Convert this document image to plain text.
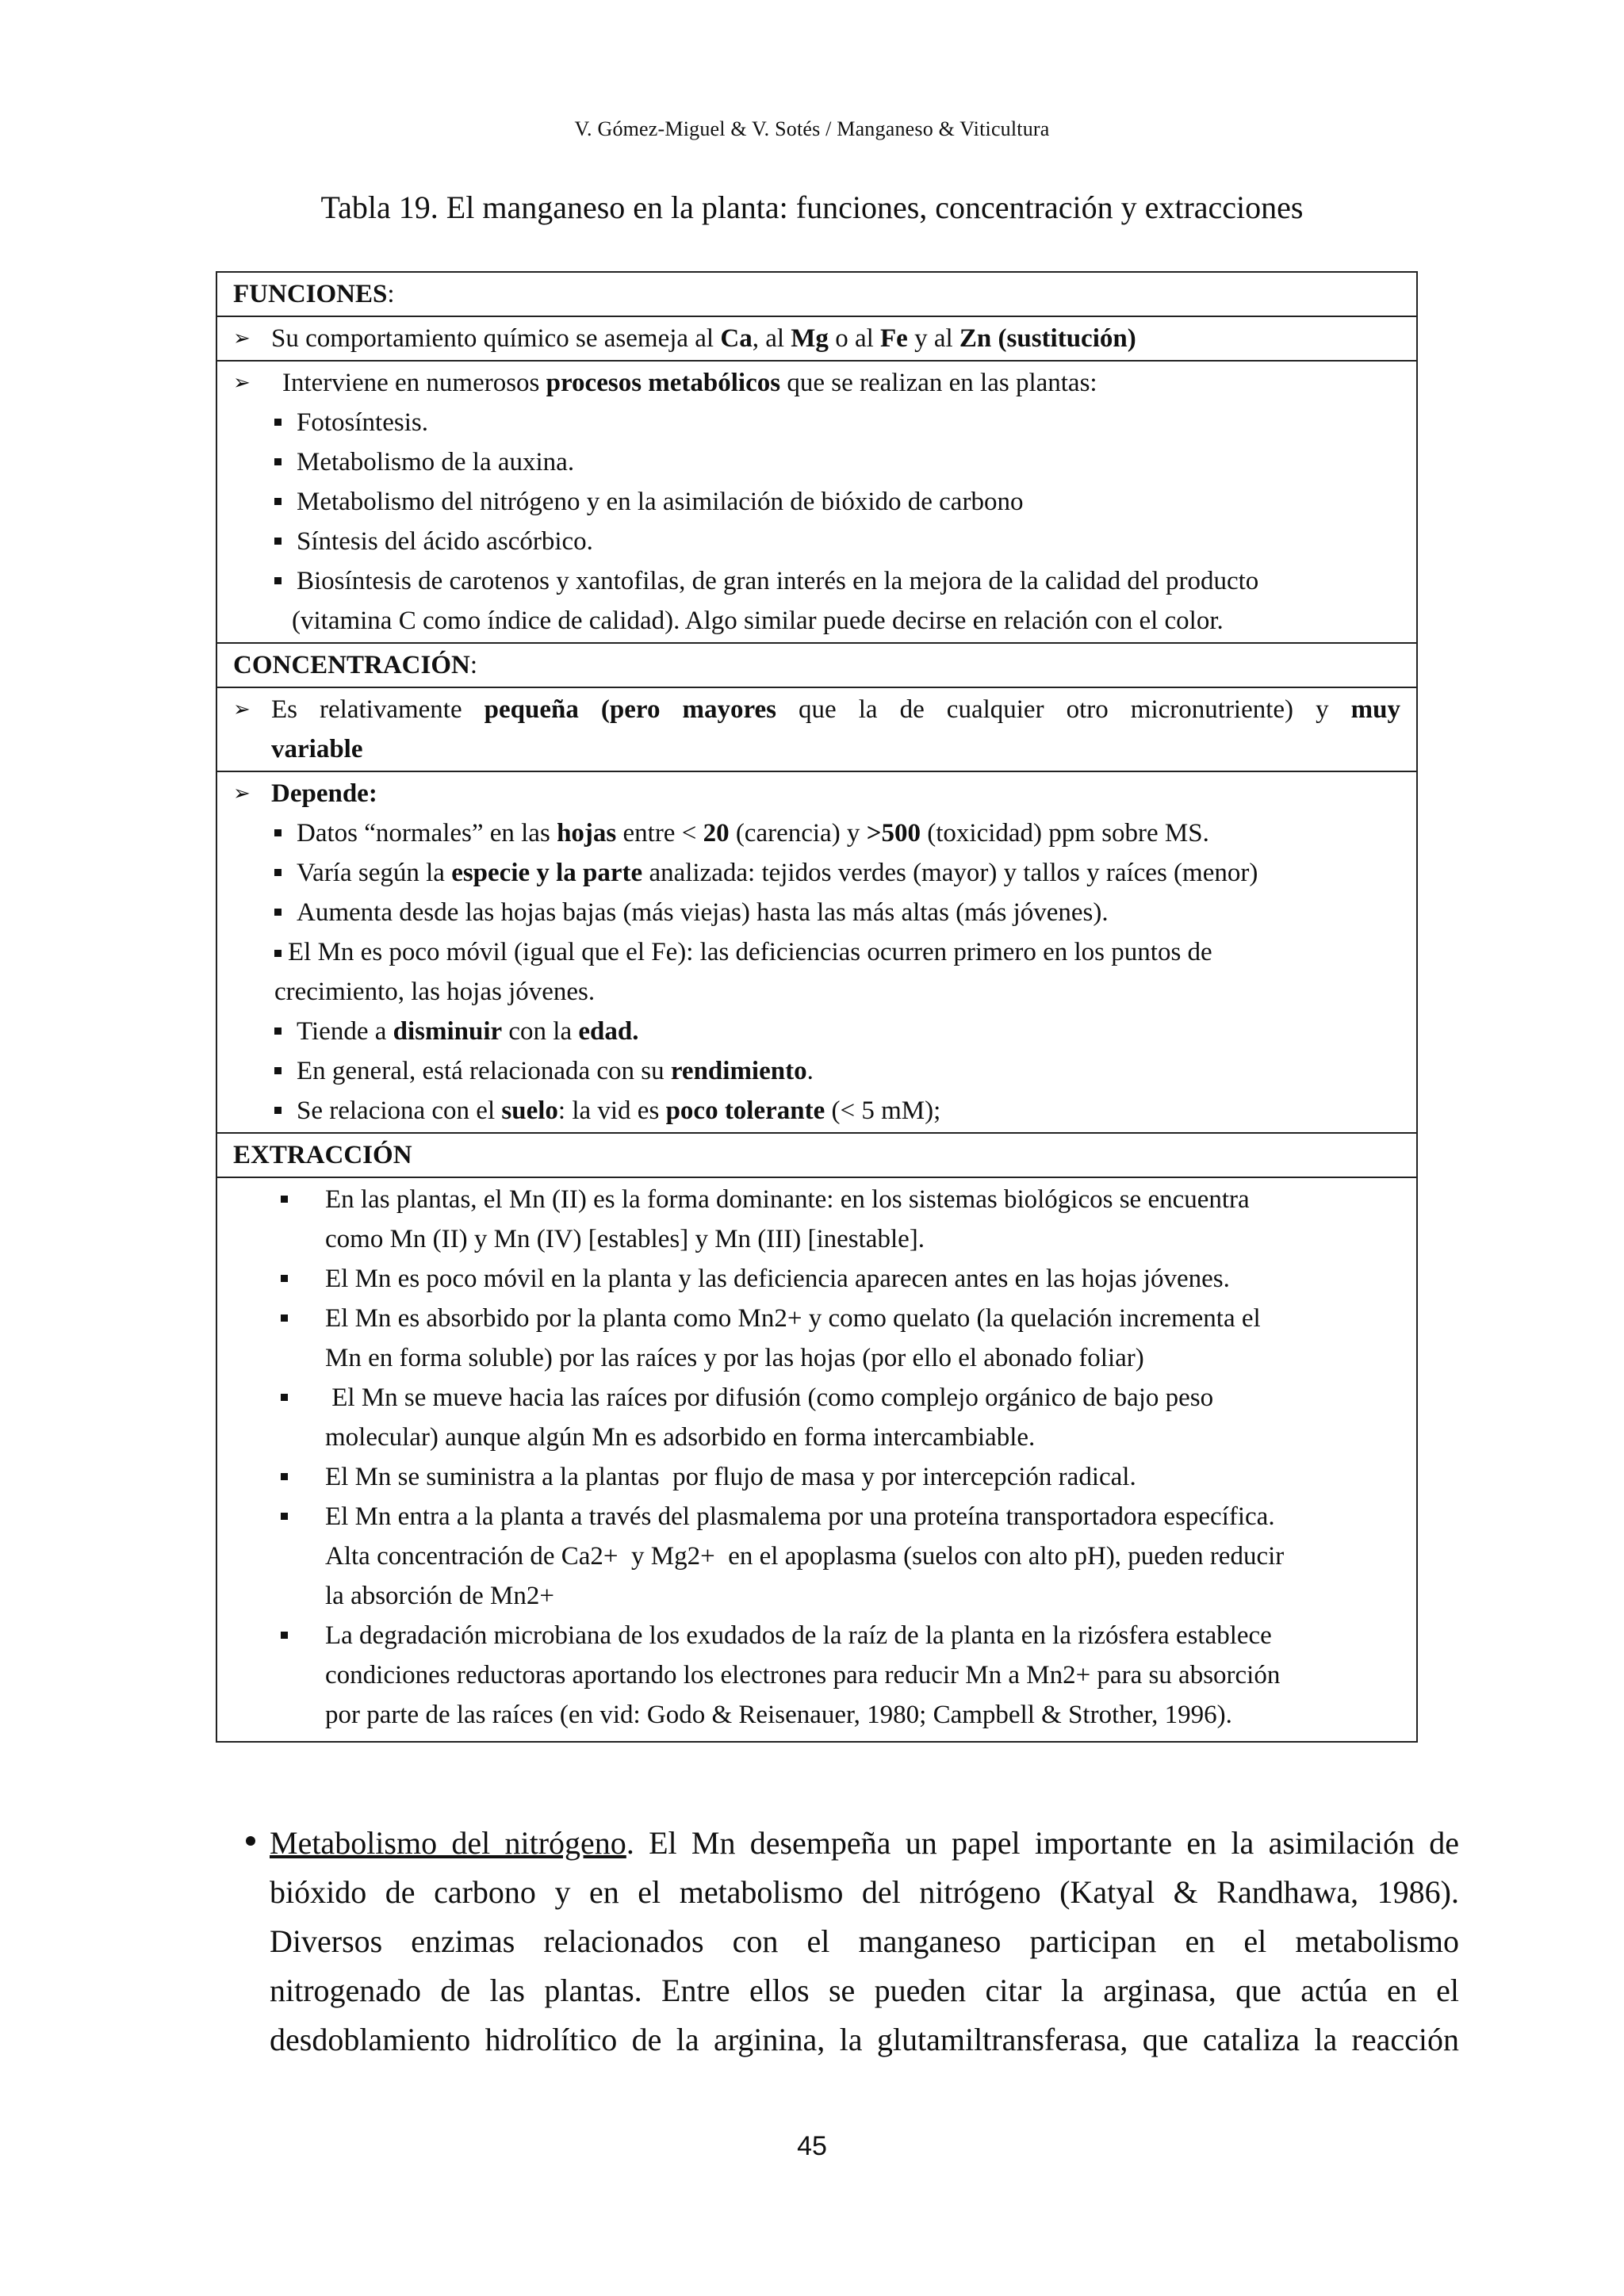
V. Gómez-Miguel & V. Sotés / Manganeso & Viticultura
Tabla 19. El manganeso en la planta: funciones, concentración y extracciones
FUNCIONES:
➢ Su comportamiento químico se asemeja al Ca, al Mg o al Fe y al Zn (sustitución)
➢	Interviene en numerosos procesos metabólicos que se realizan en las plantas:
Fotosíntesis.
Metabolismo de la auxina.
Metabolismo del nitrógeno y en la asimilación de bióxido de carbono
Síntesis del ácido ascórbico.
Biosíntesis de carotenos y xantofilas, de gran interés en la mejora de la calidad del producto
(vitamina C como índice de calidad). Algo similar puede decirse en relación con el color.
CONCENTRACIÓN:
➢ Es relativamente pequeña (pero mayores que la de cualquier otro micronutriente) y muy
variable
➢ Depende:
Datos “normales” en las hojas entre < 20 (carencia) y >500 (toxicidad) ppm sobre MS.
Varía según la especie y la parte analizada: tejidos verdes (mayor) y tallos y raíces (menor)
Aumenta desde las hojas bajas (más viejas) hasta las más altas (más jóvenes).
El Mn es poco móvil (igual que el Fe): las deficiencias ocurren primero en los puntos de
crecimiento, las hojas jóvenes.
Tiende a disminuir con la edad.
En general, está relacionada con su rendimiento.
Se relaciona con el suelo: la vid es poco tolerante (< 5 mM);
EXTRACCIÓN
En las plantas, el Mn (II) es la forma dominante: en los sistemas biológicos se encuentra
como Mn (II) y Mn (IV) [estables] y Mn (III) [inestable].
El Mn es poco móvil en la planta y las deficiencia aparecen antes en las hojas jóvenes.
El Mn es absorbido por la planta como Mn2+ y como quelato (la quelación incrementa el
Mn en forma soluble) por las raíces y por las hojas (por ello el abonado foliar)
El Mn se mueve hacia las raíces por difusión (como complejo orgánico de bajo peso
molecular) aunque algún Mn es adsorbido en forma intercambiable.
El Mn se suministra a la plantas  por flujo de masa y por intercepción radical.
El Mn entra a la planta a través del plasmalema por una proteína transportadora específica.
Alta concentración de Ca2+  y Mg2+  en el apoplasma (suelos con alto pH), pueden reducir
la absorción de Mn2+
La degradación microbiana de los exudados de la raíz de la planta en la rizósfera establece
condiciones reductoras aportando los electrones para reducir Mn a Mn2+ para su absorción
por parte de las raíces (en vid: Godo & Reisenauer, 1980; Campbell & Strother, 1996).
Metabolismo del nitrógeno. El Mn desempeña un papel importante en la asimilación de
bióxido de carbono y en el metabolismo del nitrógeno (Katyal & Randhawa, 1986).
Diversos enzimas relacionados con el manganeso participan en el metabolismo
nitrogenado de las plantas. Entre ellos se pueden citar la arginasa, que actúa en el
desdoblamiento hidrolítico de la arginina, la glutamiltransferasa, que cataliza la reacción
45
